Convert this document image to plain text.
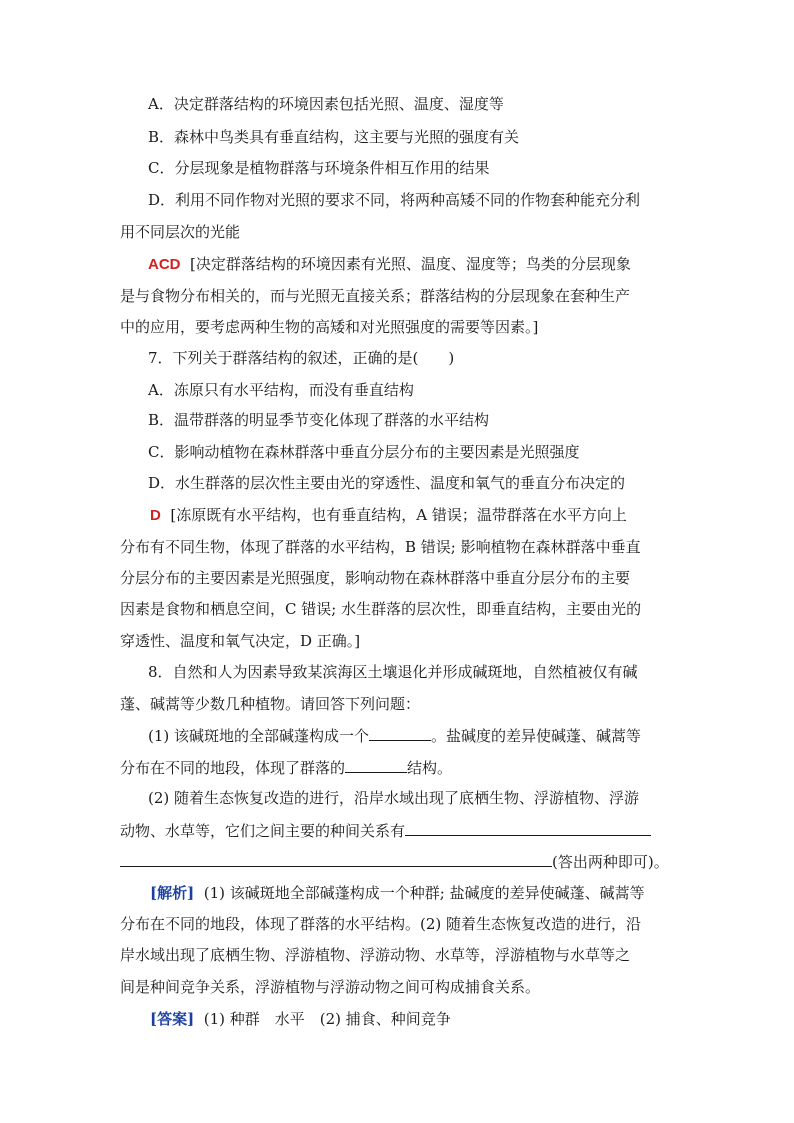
A．决定群落结构的环境因素包括光照、温度、湿度等
B．森林中鸟类具有垂直结构，这主要与光照的强度有关
C．分层现象是植物群落与环境条件相互作用的结果
D．利用不同作物对光照的要求不同，将两种高矮不同的作物套种能充分利
用不同层次的光能
ACD [决定群落结构的环境因素有光照、温度、湿度等；鸟类的分层现象
是与食物分布相关的，而与光照无直接关系；群落结构的分层现象在套种生产
中的应用，要考虑两种生物的高矮和对光照强度的需要等因素。]
7．下列关于群落结构的叙述，正确的是(　　)
A．冻原只有水平结构，而没有垂直结构
B．温带群落的明显季节变化体现了群落的水平结构
C．影响动植物在森林群落中垂直分层分布的主要因素是光照强度
D．水生群落的层次性主要由光的穿透性、温度和氧气的垂直分布决定的
D [冻原既有水平结构，也有垂直结构，A 错误；温带群落在水平方向上
分布有不同生物，体现了群落的水平结构，B 错误; 影响植物在森林群落中垂直
分层分布的主要因素是光照强度，影响动物在森林群落中垂直分层分布的主要
因素是食物和栖息空间，C 错误; 水生群落的层次性，即垂直结构，主要由光的
穿透性、温度和氧气决定，D 正确。]
8．自然和人为因素导致某滨海区土壤退化并形成碱斑地，自然植被仅有碱
蓬、碱蒿等少数几种植物。请回答下列问题：
(1) 该碱斑地的全部碱蓬构成一个	。盐碱度的差异使碱蓬、碱蒿等
分布在不同的地段，体现了群落的	结构。
(2) 随着生态恢复改造的进行，沿岸水域出现了底栖生物、浮游植物、浮游
动物、水草等，它们之间主要的种间关系有
(答出两种即可)。
[解析] (1) 该碱斑地全部碱蓬构成一个种群; 盐碱度的差异使碱蓬、碱蒿等
分布在不同的地段，体现了群落的水平结构。(2) 随着生态恢复改造的进行，沿
岸水域出现了底栖生物、浮游植物、浮游动物、水草等，浮游植物与水草等之
间是种间竞争关系，浮游植物与浮游动物之间可构成捕食关系。
[答案] (1) 种群　水平　(2) 捕食、种间竞争
